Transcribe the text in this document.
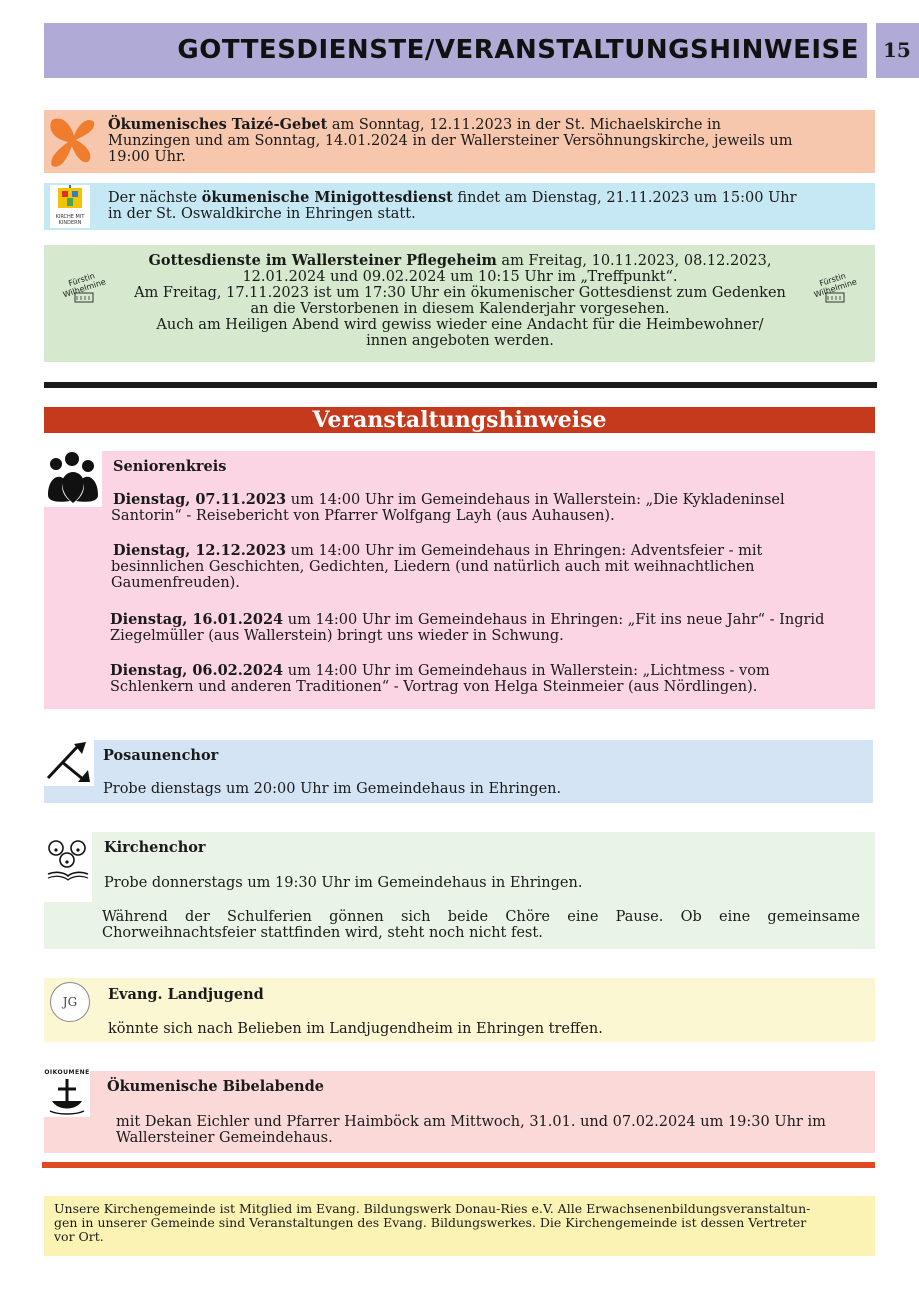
GOTTESDIENSTE/VERANSTALTUNGSHINWEISE 15
Ökumenisches Taizé-Gebet am Sonntag, 12.11.2023 in der St. Michaelskirche in
Munzingen und am Sonntag, 14.01.2024 in der Wallersteiner Versöhnungskirche, jeweils um
19:00 Uhr.
KIRCHE MIT
KINDERN
Der nächste ökumenische Minigottesdienst findet am Dienstag, 21.11.2023 um 15:00 Uhr
in der St. Oswaldkirche in Ehringen statt.
Fürstin Wilhelmine	Fürstin Wilhelmine
Gottesdienste im Wallersteiner Pflegeheim am Freitag, 10.11.2023, 08.12.2023,
12.01.2024 und 09.02.2024 um 10:15 Uhr im „Treffpunkt“.
Am Freitag, 17.11.2023 ist um 17:30 Uhr ein ökumenischer Gottesdienst zum Gedenken
an die Verstorbenen in diesem Kalenderjahr vorgesehen.
Auch am Heiligen Abend wird gewiss wieder eine Andacht für die Heimbewohner/
innen angeboten werden.
Veranstaltungshinweise
Seniorenkreis
Dienstag, 07.11.2023 um 14:00 Uhr im Gemeindehaus in Wallerstein: „Die Kykladeninsel
Santorin“ - Reisebericht von Pfarrer Wolfgang Layh (aus Auhausen).
Dienstag, 12.12.2023 um 14:00 Uhr im Gemeindehaus in Ehringen: Adventsfeier - mit
besinnlichen Geschichten, Gedichten, Liedern (und natürlich auch mit weihnachtlichen
Gaumenfreuden).
Dienstag, 16.01.2024 um 14:00 Uhr im Gemeindehaus in Ehringen: „Fit ins neue Jahr“ - Ingrid
Ziegelmüller (aus Wallerstein) bringt uns wieder in Schwung.
Dienstag, 06.02.2024 um 14:00 Uhr im Gemeindehaus in Wallerstein: „Lichtmess - vom
Schlenkern und anderen Traditionen“ - Vortrag von Helga Steinmeier (aus Nördlingen).
Posaunenchor
Probe dienstags um 20:00 Uhr im Gemeindehaus in Ehringen.
Kirchenchor
Probe donnerstags um 19:30 Uhr im Gemeindehaus in Ehringen.
Während der Schulferien gönnen sich beide Chöre eine Pause. Ob eine gemeinsame
Chorweihnachtsfeier stattfinden wird, steht noch nicht fest.
JG	Evang. Landjugend
könnte sich nach Belieben im Landjugendheim in Ehringen treffen.
OIKOUMENE
Ökumenische Bibelabende
mit Dekan Eichler und Pfarrer Haimböck am Mittwoch, 31.01. und 07.02.2024 um 19:30 Uhr im
Wallersteiner Gemeindehaus.
Unsere Kirchengemeinde ist Mitglied im Evang. Bildungswerk Donau-Ries e.V. Alle Erwachsenenbildungsveranstaltun-
gen in unserer Gemeinde sind Veranstaltungen des Evang. Bildungswerkes. Die Kirchengemeinde ist dessen Vertreter
vor Ort.
